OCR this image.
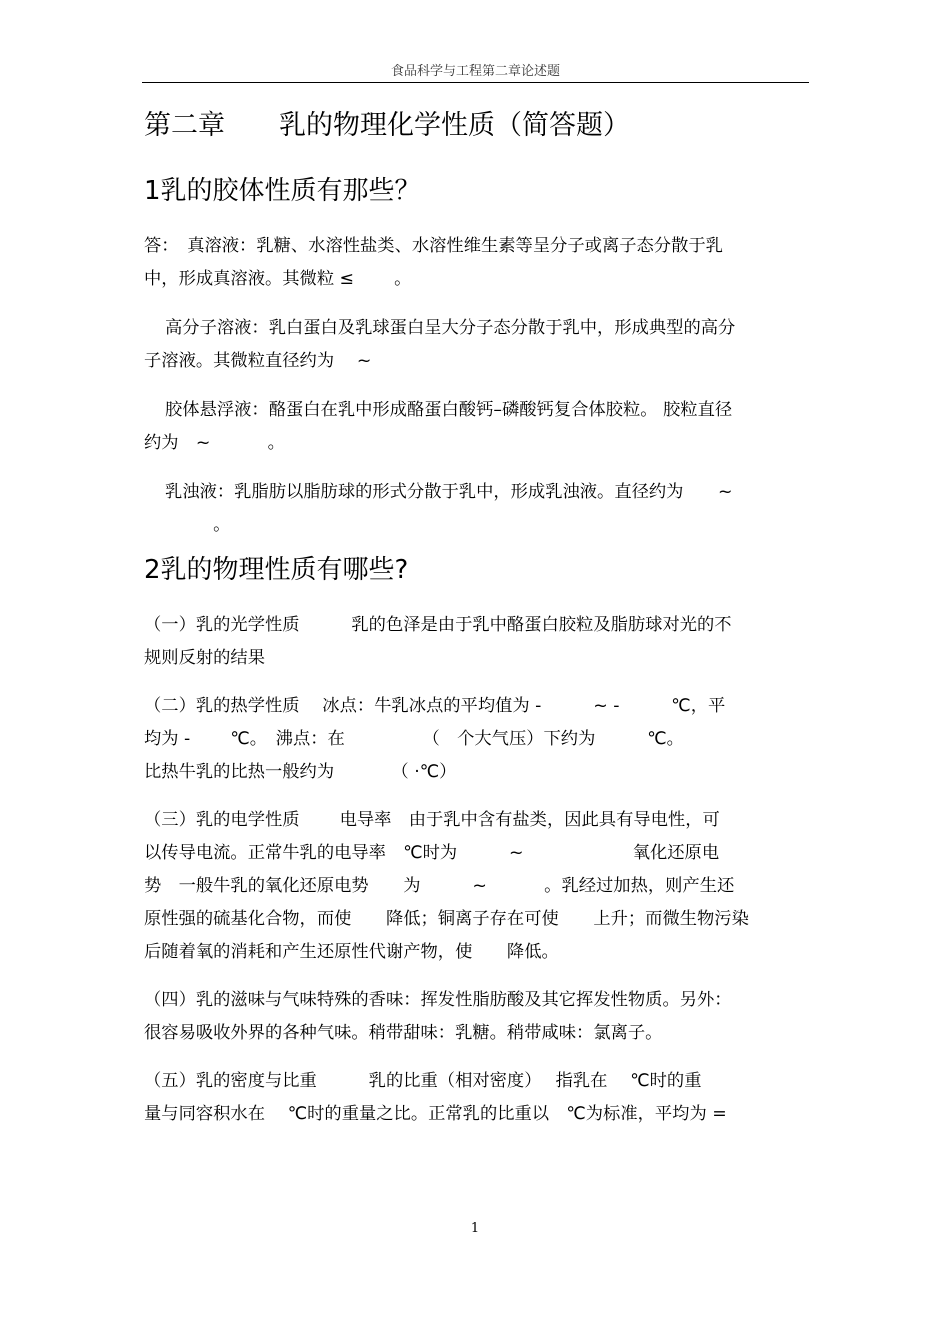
食品科学与工程第二章论述题
第二章　　乳的物理化学性质（简答题）
1乳的胶体性质有那些？

答：　真溶液：乳糖、水溶性盐类、水溶性维生素等呈分子或离子态分散于乳

中，形成真溶液。其微粒 ≤　　 。

高分子溶液：乳白蛋白及乳球蛋白呈大分子态分散于乳中，形成典型的高分

子溶液。其微粒直径约为　 ~

胶体悬浮液：酪蛋白在乳中形成酪蛋白酸钙–磷酸钙复合体胶粒。 胶粒直径

约为　~　　　 。

乳浊液：乳脂肪以脂肪球的形式分散于乳中，形成乳浊液。直径约为　　~

　　　　。

2乳的物理性质有哪些?

（一）乳的光学性质　　　乳的色泽是由于乳中酪蛋白胶粒及脂肪球对光的不

规则反射的结果

（二）乳的热学性质　 冰点：牛乳冰点的平均值为 -　　　~ -　　　℃，平

均为 -　　 ℃。　沸点：在　　　　　（　个大气压）下约为　　　℃。

比热牛乳的比热一般约为　　　 （ ·℃）

（三）乳的电学性质　　 电导率　由于乳中含有盐类，因此具有导电性，可

以传导电流。正常牛乳的电导率　℃时为　　　~　　　　　　 氧化还原电

势　一般牛乳的氧化还原电势　　为　　　~　　　 。乳经过加热，则产生还

原性强的硫基化合物，而使　　降低；铜离子存在可使　　上升；而微生物污染

后随着氧的消耗和产生还原性代谢产物，使　　降低。

（四）乳的滋味与气味特殊的香味：挥发性脂肪酸及其它挥发性物质。另外：

很容易吸收外界的各种气味。稍带甜味：乳糖。稍带咸味：氯离子。

（五）乳的密度与比重　　　乳的比重（相对密度）　 指乳在　 ℃时的重

量与同容积水在　 ℃时的重量之比。正常乳的比重以　℃为标准，平均为 =

1
